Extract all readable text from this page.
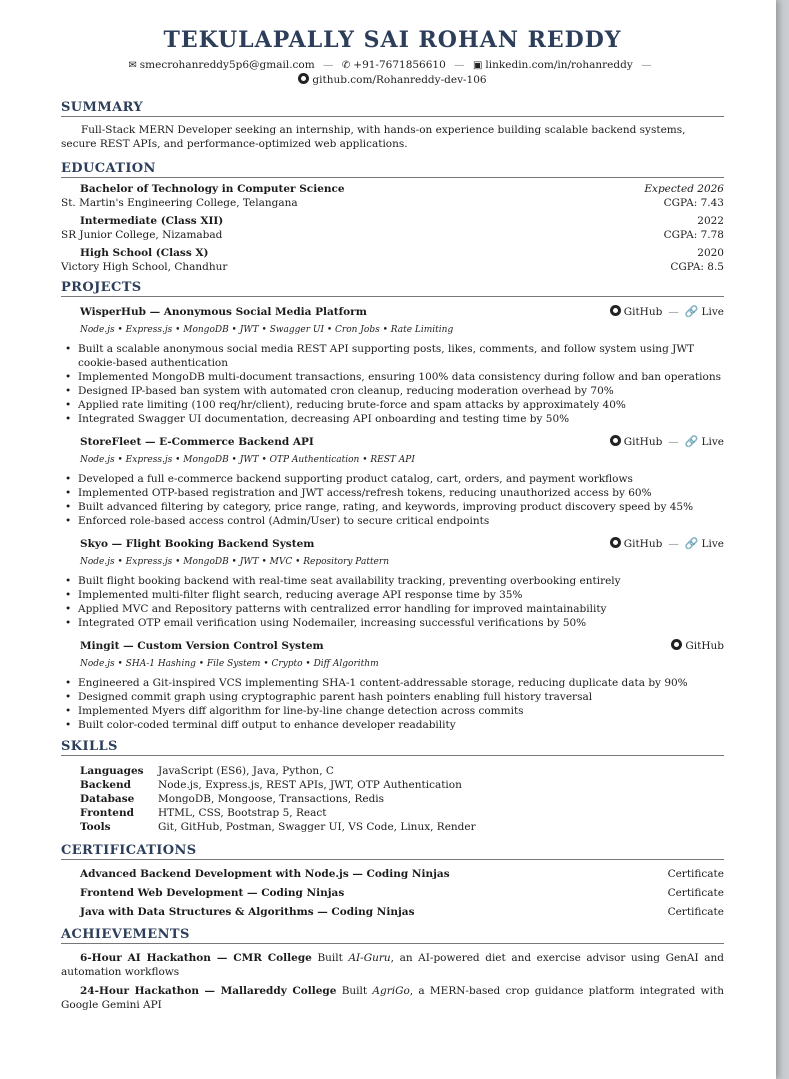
TEKULAPALLY SAI ROHAN REDDY
✉ smecrohanreddy5p6@gmail.com — ✆ +91-7671856610 — ▣ linkedin.com/in/rohanreddy —
github.com/Rohanreddy-dev-106
SUMMARY
Full-Stack MERN Developer seeking an internship, with hands-on experience building scalable backend systems, secure REST APIs, and performance-optimized web applications.
EDUCATION
Bachelor of Technology in Computer Science	Expected 2026
St. Martin's Engineering College, Telangana	CGPA: 7.43
Intermediate (Class XII)	2022
SR Junior College, Nizamabad	CGPA: 7.78
High School (Class X)	2020
Victory High School, Chandhur	CGPA: 8.5
PROJECTS
WisperHub — Anonymous Social Media Platform	GitHub — 🔗 Live
Node.js • Express.js • MongoDB • JWT • Swagger UI • Cron Jobs • Rate Limiting
• Built a scalable anonymous social media REST API supporting posts, likes, comments, and follow system using JWT cookie-based authentication
• Implemented MongoDB multi-document transactions, ensuring 100% data consistency during follow and ban operations
• Designed IP-based ban system with automated cron cleanup, reducing moderation overhead by 70%
• Applied rate limiting (100 req/hr/client), reducing brute-force and spam attacks by approximately 40%
• Integrated Swagger UI documentation, decreasing API onboarding and testing time by 50%
StoreFleet — E-Commerce Backend API	GitHub — 🔗 Live
Node.js • Express.js • MongoDB • JWT • OTP Authentication • REST API
• Developed a full e-commerce backend supporting product catalog, cart, orders, and payment workflows
• Implemented OTP-based registration and JWT access/refresh tokens, reducing unauthorized access by 60%
• Built advanced filtering by category, price range, rating, and keywords, improving product discovery speed by 45%
• Enforced role-based access control (Admin/User) to secure critical endpoints
Skyo — Flight Booking Backend System	GitHub — 🔗 Live
Node.js • Express.js • MongoDB • JWT • MVC • Repository Pattern
• Built flight booking backend with real-time seat availability tracking, preventing overbooking entirely
• Implemented multi-filter flight search, reducing average API response time by 35%
• Applied MVC and Repository patterns with centralized error handling for improved maintainability
• Integrated OTP email verification using Nodemailer, increasing successful verifications by 50%
Mingit — Custom Version Control System	GitHub
Node.js • SHA-1 Hashing • File System • Crypto • Diff Algorithm
• Engineered a Git-inspired VCS implementing SHA-1 content-addressable storage, reducing duplicate data by 90%
• Designed commit graph using cryptographic parent hash pointers enabling full history traversal
• Implemented Myers diff algorithm for line-by-line change detection across commits
• Built color-coded terminal diff output to enhance developer readability
SKILLS
Languages	JavaScript (ES6), Java, Python, C
Backend	Node.js, Express.js, REST APIs, JWT, OTP Authentication
Database	MongoDB, Mongoose, Transactions, Redis
Frontend	HTML, CSS, Bootstrap 5, React
Tools	Git, GitHub, Postman, Swagger UI, VS Code, Linux, Render
CERTIFICATIONS
Advanced Backend Development with Node.js — Coding Ninjas	Certificate
Frontend Web Development — Coding Ninjas	Certificate
Java with Data Structures & Algorithms — Coding Ninjas	Certificate
ACHIEVEMENTS
6-Hour AI Hackathon — CMR College Built AI-Guru, an AI-powered diet and exercise advisor using GenAI and automation workflows
24-Hour Hackathon — Mallareddy College Built AgriGo, a MERN-based crop guidance platform integrated with Google Gemini API
